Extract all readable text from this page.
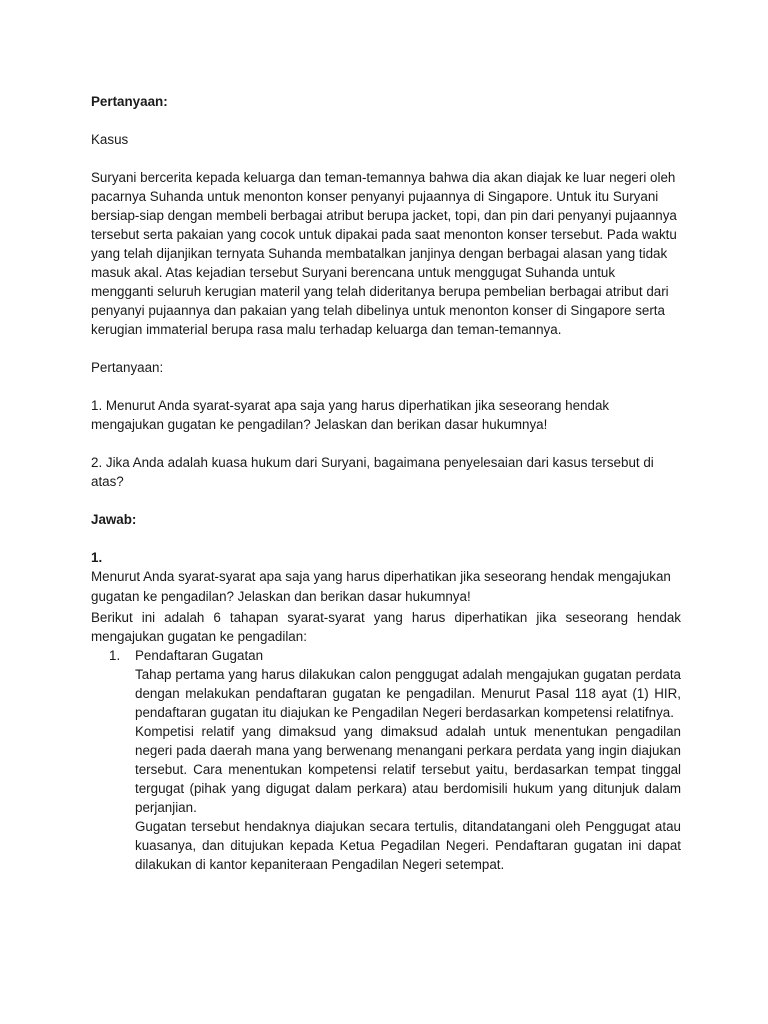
Pertanyaan:

Kasus

Suryani bercerita kepada keluarga dan teman-temannya bahwa dia akan diajak ke luar negeri oleh pacarnya Suhanda untuk menonton konser penyanyi pujaannya di Singapore. Untuk itu Suryani bersiap-siap dengan membeli berbagai atribut berupa jacket, topi, dan pin dari penyanyi pujaannya tersebut serta pakaian yang cocok untuk dipakai pada saat menonton konser tersebut. Pada waktu yang telah dijanjikan ternyata Suhanda membatalkan janjinya dengan berbagai alasan yang tidak masuk akal. Atas kejadian tersebut Suryani berencana untuk menggugat Suhanda untuk mengganti seluruh kerugian materil yang telah dideritanya berupa pembelian berbagai atribut dari penyanyi pujaannya dan pakaian yang telah dibelinya untuk menonton konser di Singapore serta kerugian immaterial berupa rasa malu terhadap keluarga dan teman-temannya.

Pertanyaan:

1. Menurut Anda syarat-syarat apa saja yang harus diperhatikan jika seseorang hendak mengajukan gugatan ke pengadilan? Jelaskan dan berikan dasar hukumnya!

2. Jika Anda adalah kuasa hukum dari Suryani, bagaimana penyelesaian dari kasus tersebut di atas?

Jawab:

1.

Menurut Anda syarat-syarat apa saja yang harus diperhatikan jika seseorang hendak mengajukan gugatan ke pengadilan? Jelaskan dan berikan dasar hukumnya!

Berikut ini adalah 6 tahapan syarat-syarat yang harus diperhatikan jika seseorang hendak mengajukan gugatan ke pengadilan:

1. Pendaftaran Gugatan

Tahap pertama yang harus dilakukan calon penggugat adalah mengajukan gugatan perdata dengan melakukan pendaftaran gugatan ke pengadilan. Menurut Pasal 118 ayat (1) HIR, pendaftaran gugatan itu diajukan ke Pengadilan Negeri berdasarkan kompetensi relatifnya.

Kompetisi relatif yang dimaksud yang dimaksud adalah untuk menentukan pengadilan negeri pada daerah mana yang berwenang menangani perkara perdata yang ingin diajukan tersebut. Cara menentukan kompetensi relatif tersebut yaitu, berdasarkan tempat tinggal tergugat (pihak yang digugat dalam perkara) atau berdomisili hukum yang ditunjuk dalam perjanjian.

Gugatan tersebut hendaknya diajukan secara tertulis, ditandatangani oleh Penggugat atau kuasanya, dan ditujukan kepada Ketua Pegadilan Negeri. Pendaftaran gugatan ini dapat dilakukan di kantor kepaniteraan Pengadilan Negeri setempat.
